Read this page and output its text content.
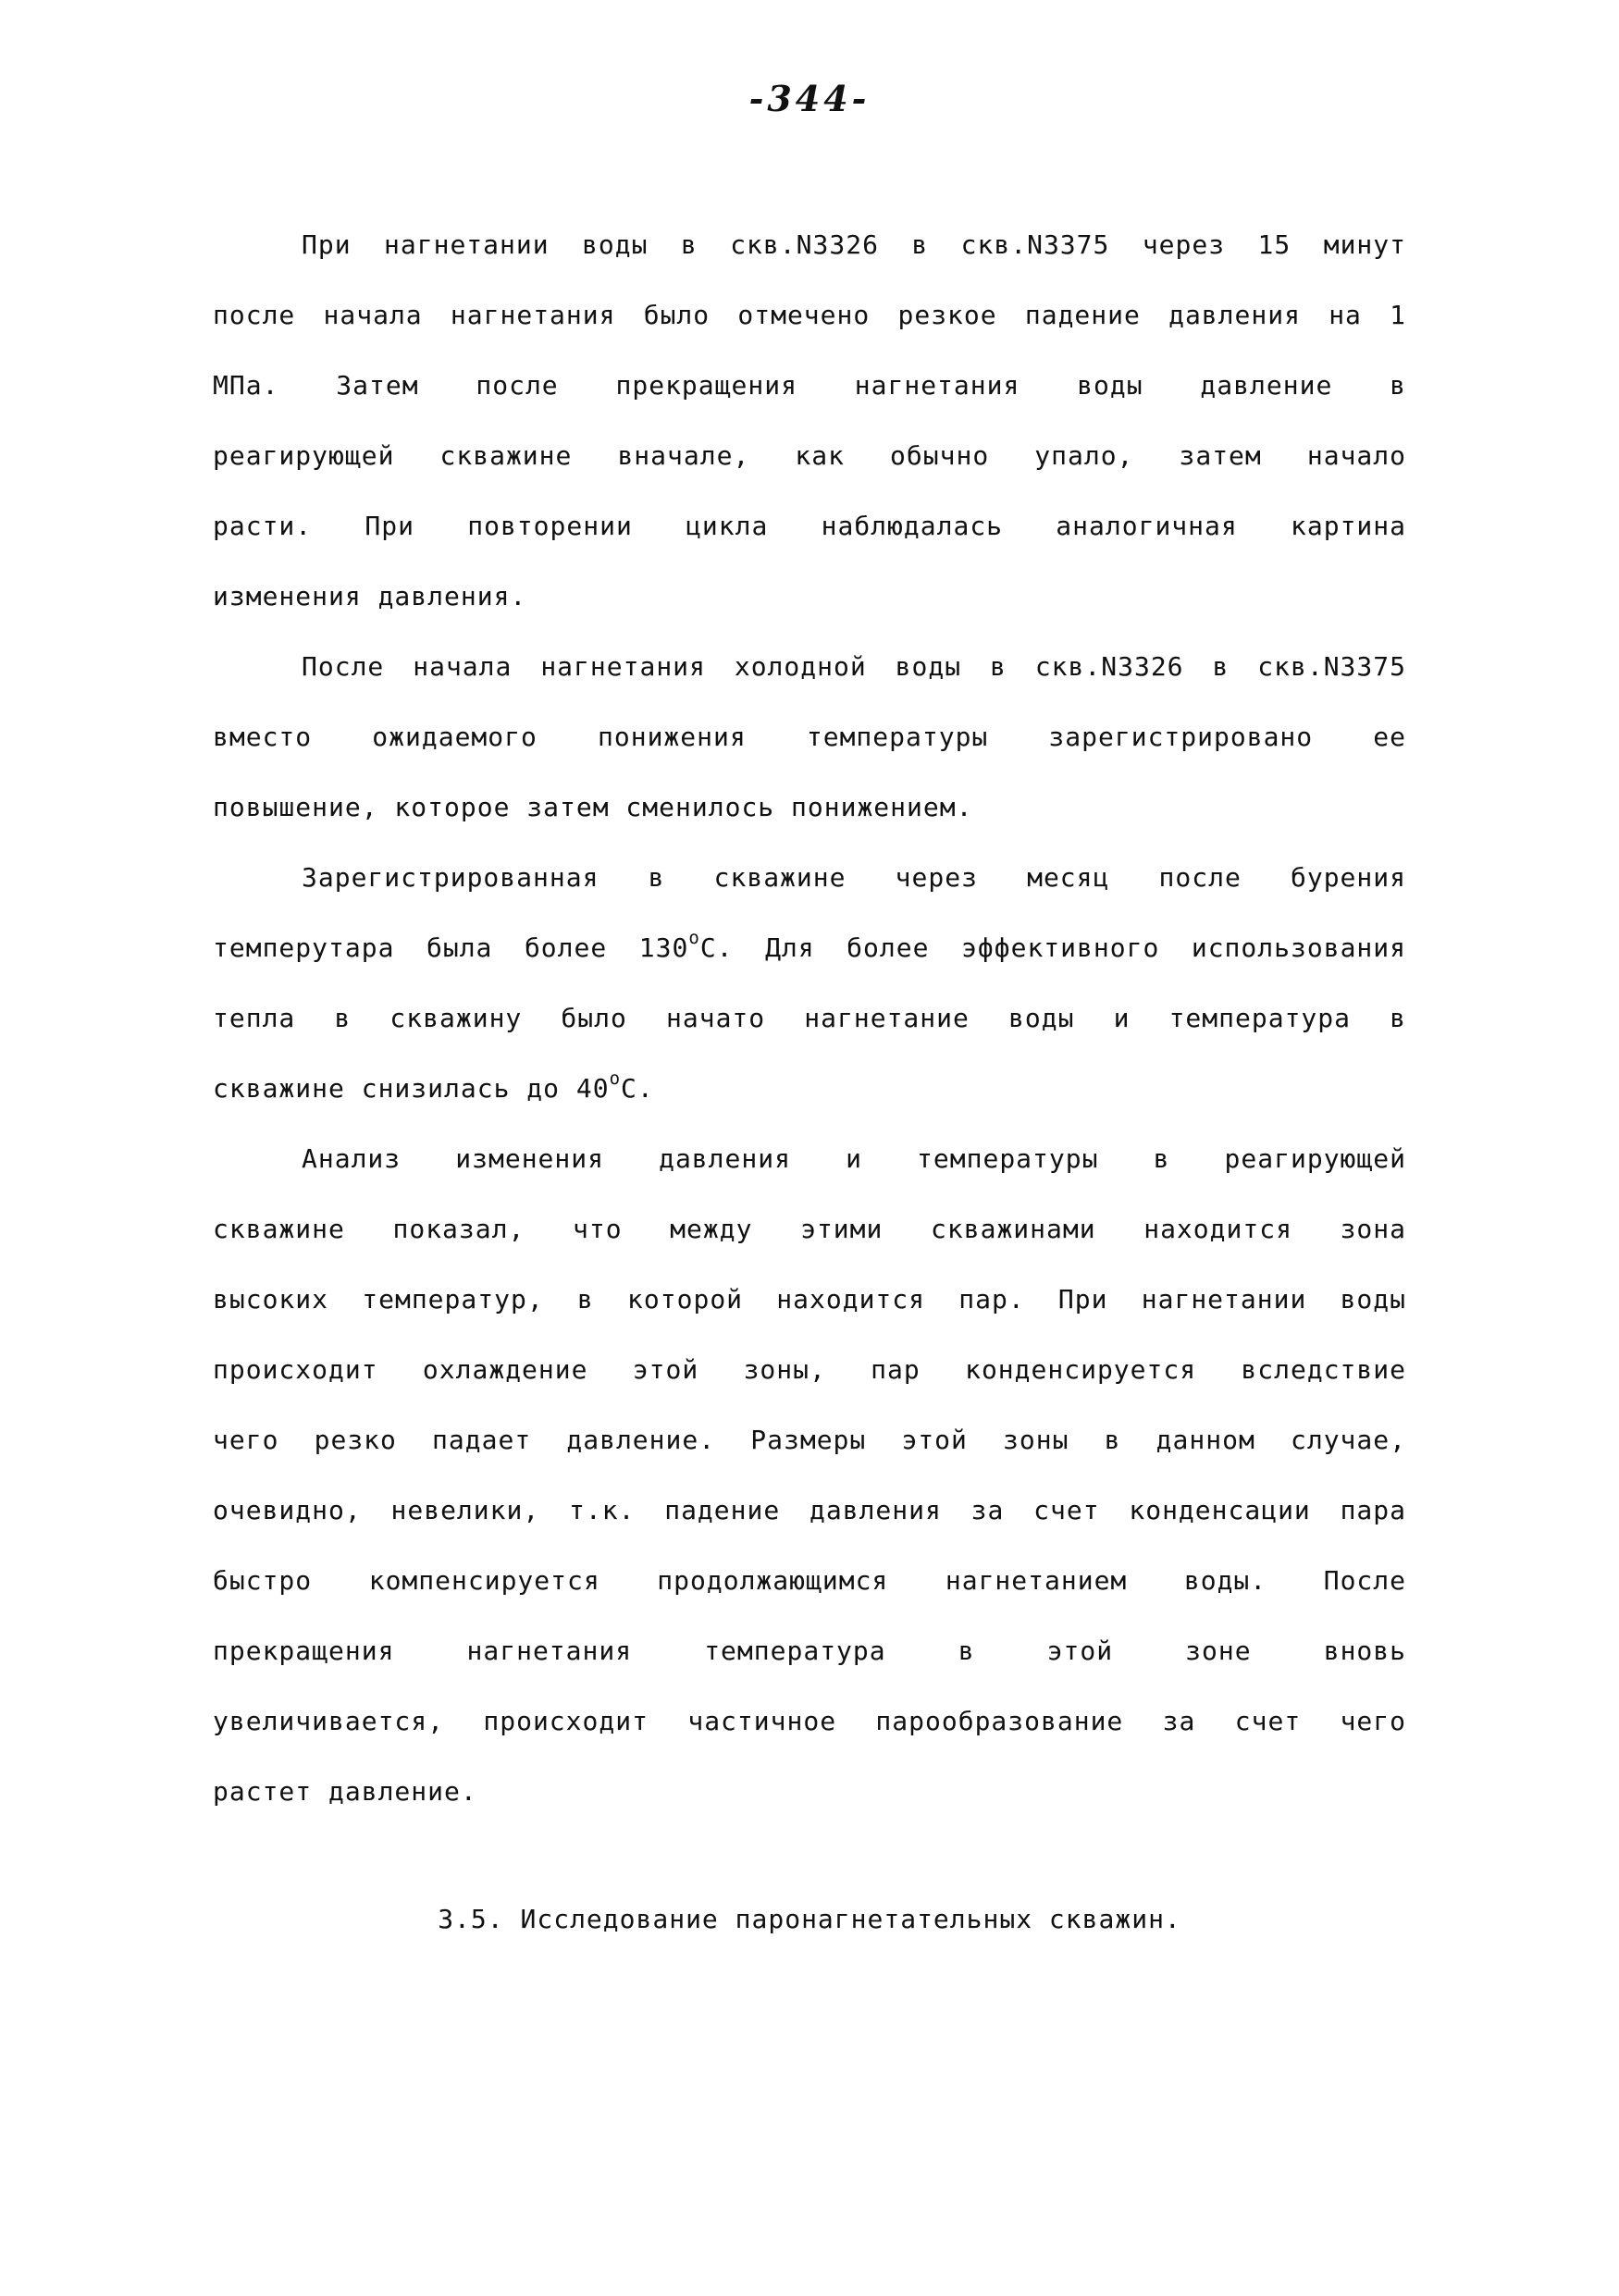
-344-
При нагнетании воды в скв.N3326 в скв.N3375 через 15 минут
после начала нагнетания было отмечено резкое падение давления на 1
МПа. Затем после прекращения нагнетания воды давление в
реагирующей скважине вначале, как обычно упало, затем начало
расти. При повторении цикла наблюдалась аналогичная картина
изменения давления.
После начала нагнетания холодной воды в скв.N3326 в скв.N3375
вместо ожидаемого понижения температуры зарегистрировано ее
повышение, которое затем сменилось понижением.
Зарегистрированная в скважине через месяц после бурения
темперутара была более $130^оС$. Для более эффективного использования
тепла в скважину было начато нагнетание воды и температура в
скважине снизилась до $40^оС$.
Анализ изменения давления и температуры в реагирующей
скважине показал, что между этими скважинами находится зона
высоких температур, в которой находится пар. При нагнетании воды
происходит охлаждение этой зоны, пар конденсируется вследствие
чего резко падает давление. Размеры этой зоны в данном случае,
очевидно, невелики, т.к. падение давления за счет конденсации пара
быстро компенсируется продолжающимся нагнетанием воды. После
прекращения нагнетания температура в этой зоне вновь
увеличивается, происходит частичное парообразование за счет чего
растет давление.
3.5. Исследование паронагнетательных скважин.
